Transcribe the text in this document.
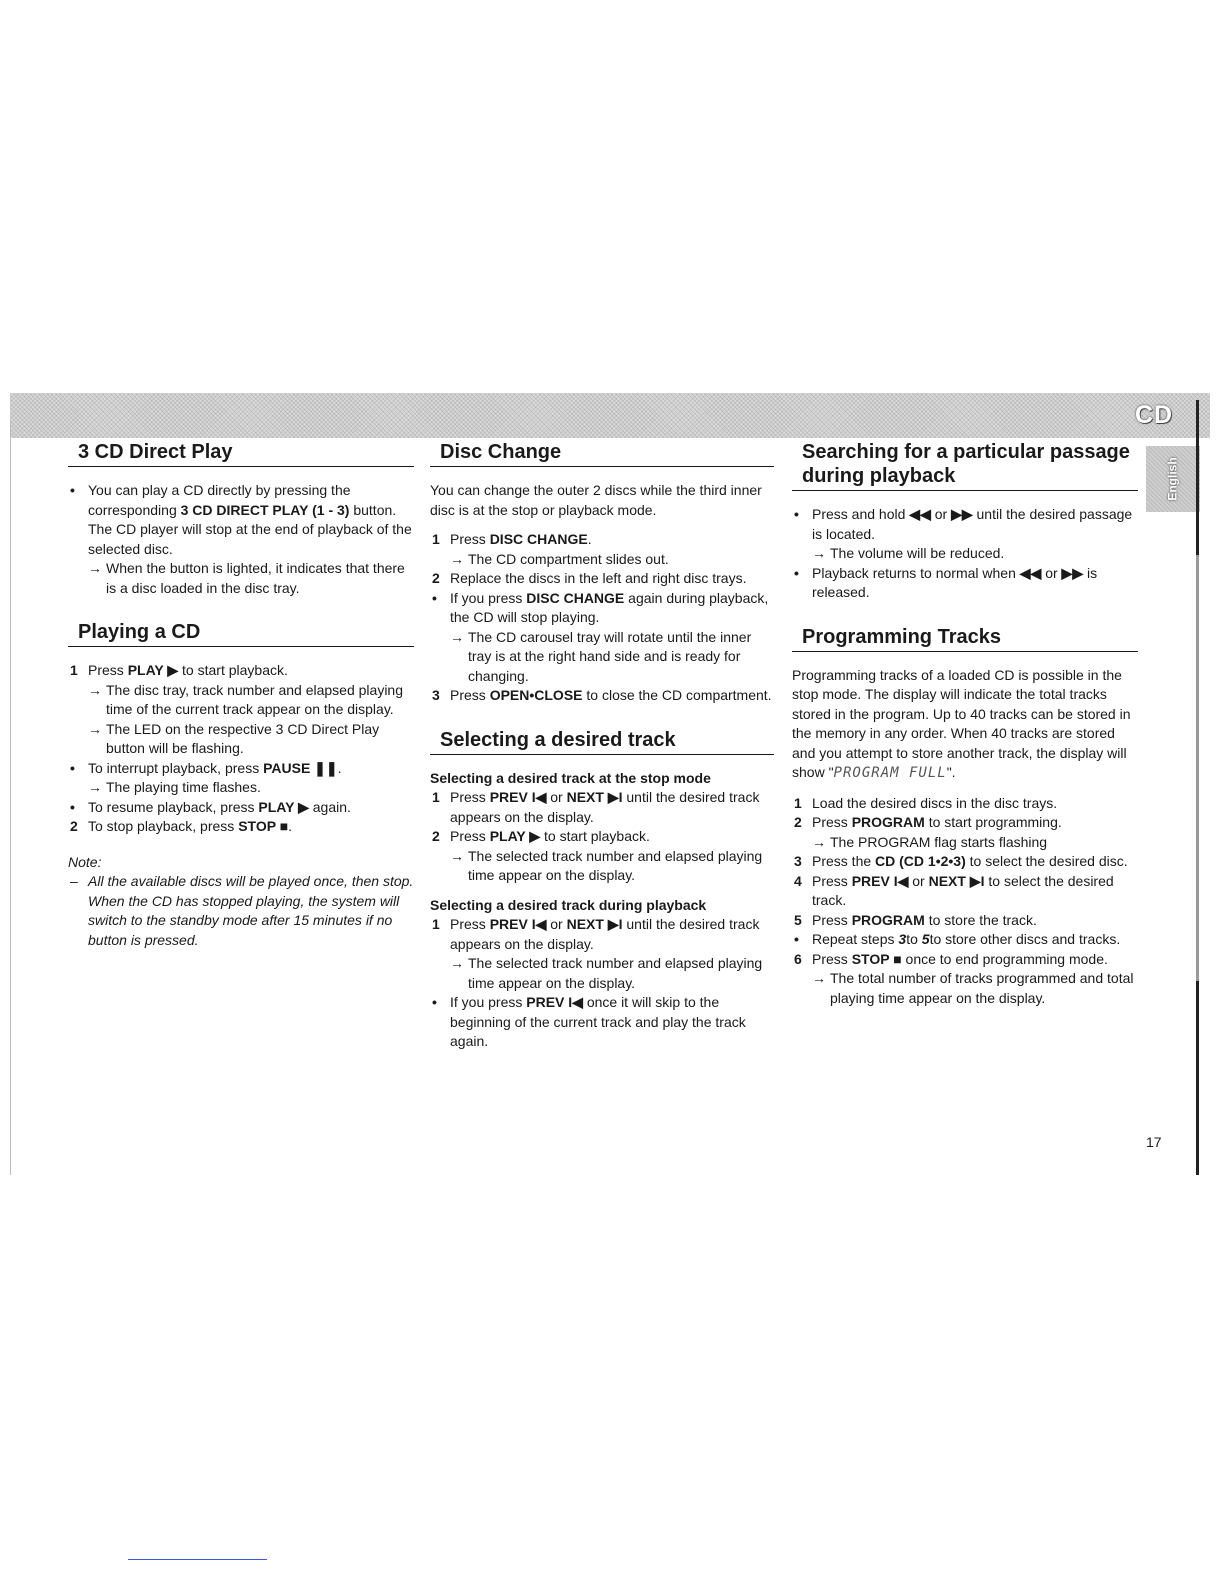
CD
English
3 CD Direct Play
• You can play a CD directly by pressing the corresponding 3 CD DIRECT PLAY (1 - 3) button. The CD player will stop at the end of playback of the selected disc.
→ When the button is lighted, it indicates that there is a disc loaded in the disc tray.
Playing a CD
1 Press PLAY ▶ to start playback.
→ The disc tray, track number and elapsed playing time of the current track appear on the display.
→ The LED on the respective 3 CD Direct Play button will be flashing.
• To interrupt playback, press PAUSE ❚❚.
→ The playing time flashes.
• To resume playback, press PLAY ▶ again.
2 To stop playback, press STOP ■.

Note:

– All the available discs will be played once, then stop. When the CD has stopped playing, the system will switch to the standby mode after 15 minutes if no button is pressed.
Disc Change

You can change the outer 2 discs while the third inner disc is at the stop or playback mode.

1 Press DISC CHANGE.
→ The CD compartment slides out.
2 Replace the discs in the left and right disc trays.
• If you press DISC CHANGE again during playback, the CD will stop playing.
→ The CD carousel tray will rotate until the inner tray is at the right hand side and is ready for changing.
3 Press OPEN•CLOSE to close the CD compartment.
Selecting a desired track
Selecting a desired track at the stop mode
1 Press PREV I◀ or NEXT ▶I until the desired track appears on the display.
2 Press PLAY ▶ to start playback.
→ The selected track number and elapsed playing time appear on the display.
Selecting a desired track during playback
1 Press PREV I◀ or NEXT ▶I until the desired track appears on the display.
→ The selected track number and elapsed playing time appear on the display.
• If you press PREV I◀ once it will skip to the beginning of the current track and play the track again.
Searching for a particular passage during playback
• Press and hold ◀◀ or ▶▶ until the desired passage is located.
→ The volume will be reduced.
• Playback returns to normal when ◀◀ or ▶▶ is released.
Programming Tracks

Programming tracks of a loaded CD is possible in the stop mode. The display will indicate the total tracks stored in the program. Up to 40 tracks can be stored in the memory in any order. When 40 tracks are stored and you attempt to store another track, the display will show "PROGRAM FULL".

1 Load the desired discs in the disc trays.
2 Press PROGRAM to start programming.
→ The PROGRAM flag starts flashing
3 Press the CD (CD 1•2•3) to select the desired disc.
4 Press PREV I◀ or NEXT ▶I to select the desired track.
5 Press PROGRAM to store the track.
• Repeat steps 3to 5to store other discs and tracks.
6 Press STOP ■ once to end programming mode.
→ The total number of tracks programmed and total playing time appear on the display.
17
